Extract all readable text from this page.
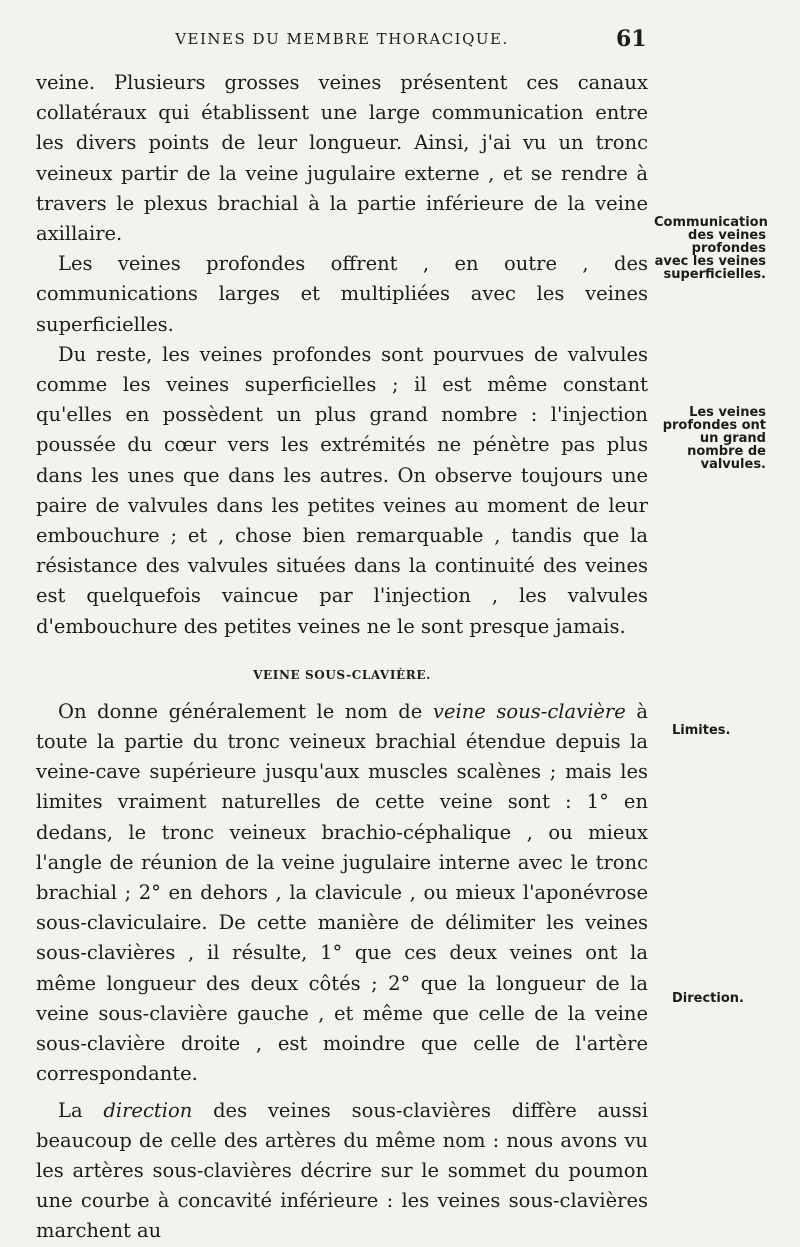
VEINES DU MEMBRE THORACIQUE.	61

veine. Plusieurs grosses veines présentent ces canaux collatéraux qui établissent une large communication entre les divers points de leur longueur. Ainsi, j'ai vu un tronc veineux partir de la veine jugulaire externe , et se rendre à travers le plexus brachial à la partie inférieure de la veine axillaire.

Les veines profondes offrent , en outre , des communications larges et multipliées avec les veines superficielles.

Du reste, les veines profondes sont pourvues de valvules comme les veines superficielles ; il est même constant qu'elles en possèdent un plus grand nombre : l'injection poussée du cœur vers les extrémités ne pénètre pas plus dans les unes que dans les autres. On observe toujours une paire de valvules dans les petites veines au moment de leur embouchure ; et , chose bien remarquable , tandis que la résistance des valvules situées dans la continuité des veines est quelquefois vaincue par l'injection , les valvules d'embouchure des petites veines ne le sont presque jamais.

VEINE SOUS-CLAVIÈRE.

On donne généralement le nom de veine sous-clavière à toute la partie du tronc veineux brachial étendue depuis la veine-cave supérieure jusqu'aux muscles scalènes ; mais les limites vraiment naturelles de cette veine sont : 1° en dedans, le tronc veineux brachio-céphalique , ou mieux l'angle de réunion de la veine jugulaire interne avec le tronc brachial ; 2° en dehors , la clavicule , ou mieux l'aponévrose sous-claviculaire. De cette manière de délimiter les veines sous-clavières , il résulte, 1° que ces deux veines ont la même longueur des deux côtés ; 2° que la longueur de la veine sous-clavière gauche , et même que celle de la veine sous-clavière droite , est moindre que celle de l'artère correspondante.

La direction des veines sous-clavières diffère aussi beaucoup de celle des artères du même nom : nous avons vu les artères sous-clavières décrire sur le sommet du poumon une courbe à concavité inférieure : les veines sous-clavières marchent au

Communication des veines profondes avec les veines superficielles.
Les veines profondes ont un grand nombre de valvules.
Limites.
Direction.
